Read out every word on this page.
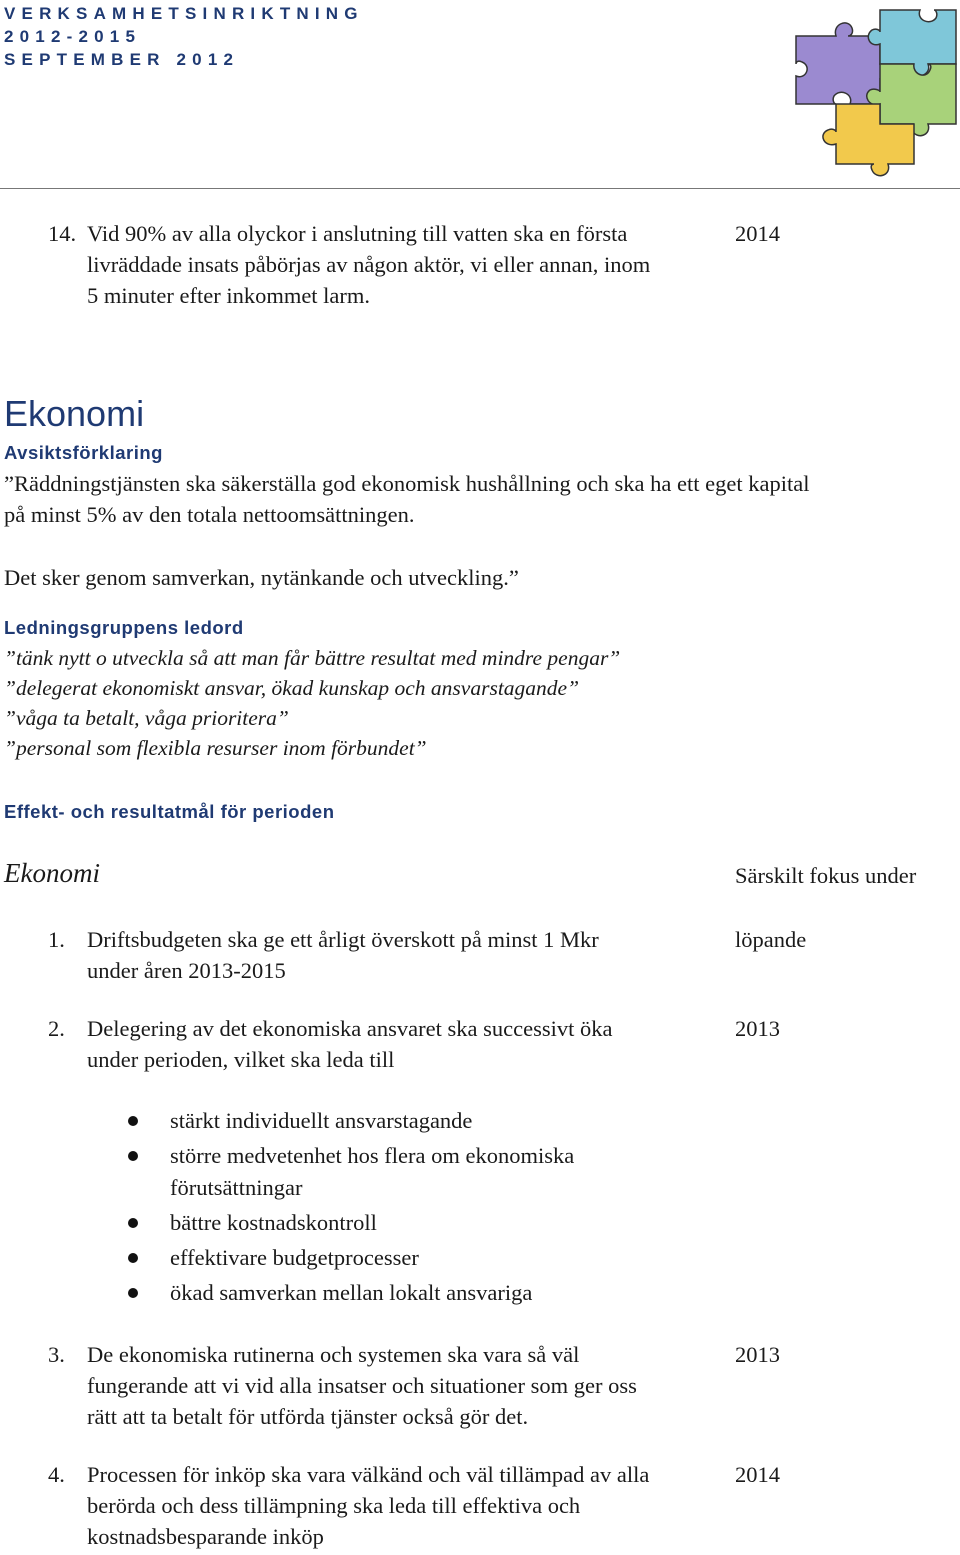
VERKSAMHETSINRIKTNING
2012-2015
SEPTEMBER 2012
14. Vid 90% av alla olyckor i anslutning till vatten ska en första
livräddade insats påbörjas av någon aktör, vi eller annan, inom
5 minuter efter inkommet larm.
2014
Ekonomi
Avsiktsförklaring
”Räddningstjänsten ska säkerställa god ekonomisk hushållning och ska ha ett eget kapital
på minst 5% av den totala nettoomsättningen.
Det sker genom samverkan, nytänkande och utveckling.”
Ledningsgruppens ledord
”tänk nytt o utveckla så att man får bättre resultat med mindre pengar”
”delegerat ekonomiskt ansvar, ökad kunskap och ansvarstagande”
”våga ta betalt, våga prioritera”
”personal som flexibla resurser inom förbundet”
Effekt- och resultatmål för perioden
Ekonomi	Särskilt fokus under
1. Driftsbudgeten ska ge ett årligt överskott på minst 1 Mkr
under åren 2013-2015
löpande
2. Delegering av det ekonomiska ansvaret ska successivt öka
under perioden, vilket ska leda till
2013
stärkt individuellt ansvarstagande
större medvetenhet hos flera om ekonomiska
förutsättningar
bättre kostnadskontroll
effektivare budgetprocesser
ökad samverkan mellan lokalt ansvariga
3. De ekonomiska rutinerna och systemen ska vara så väl
fungerande att vi vid alla insatser och situationer som ger oss
rätt att ta betalt för utförda tjänster också gör det.
2013
4. Processen för inköp ska vara välkänd och väl tillämpad av alla
berörda och dess tillämpning ska leda till effektiva och
kostnadsbesparande inköp
2014
